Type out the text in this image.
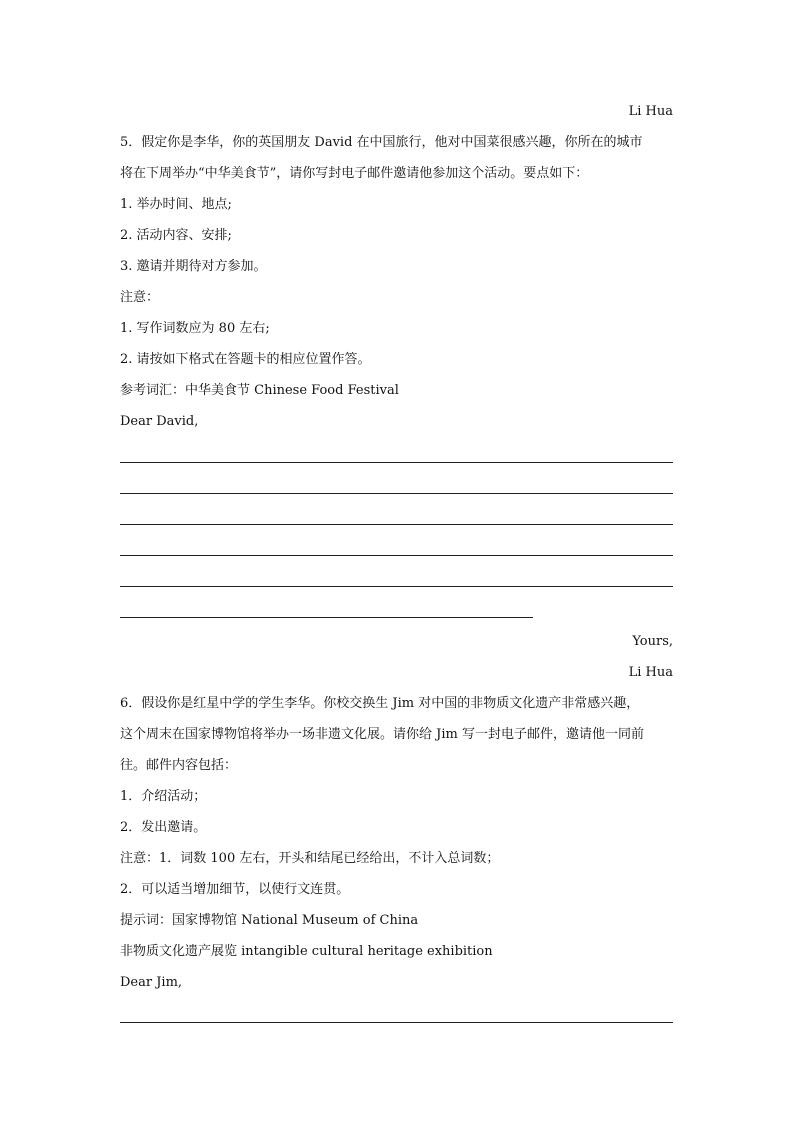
Li Hua
5．假定你是李华，你的英国朋友 David 在中国旅行，他对中国菜很感兴趣，你所在的城市
将在下周举办“中华美食节”，请你写封电子邮件邀请他参加这个活动。要点如下：
1. 举办时间、地点;
2. 活动内容、安排;
3. 邀请并期待对方参加。
注意：
1. 写作词数应为 80 左右;
2. 请按如下格式在答题卡的相应位置作答。
参考词汇：中华美食节 Chinese Food Festival
Dear David,
Yours,
Li Hua
6．假设你是红星中学的学生李华。你校交换生 Jim 对中国的非物质文化遗产非常感兴趣，
这个周末在国家博物馆将举办一场非遗文化展。请你给 Jim 写一封电子邮件，邀请他一同前
往。邮件内容包括：
1．介绍活动；
2．发出邀请。
注意：1．词数 100 左右，开头和结尾已经给出，不计入总词数；
2．可以适当增加细节，以使行文连贯。
提示词：国家博物馆 National Museum of China
非物质文化遗产展览 intangible cultural heritage exhibition
Dear Jim,
